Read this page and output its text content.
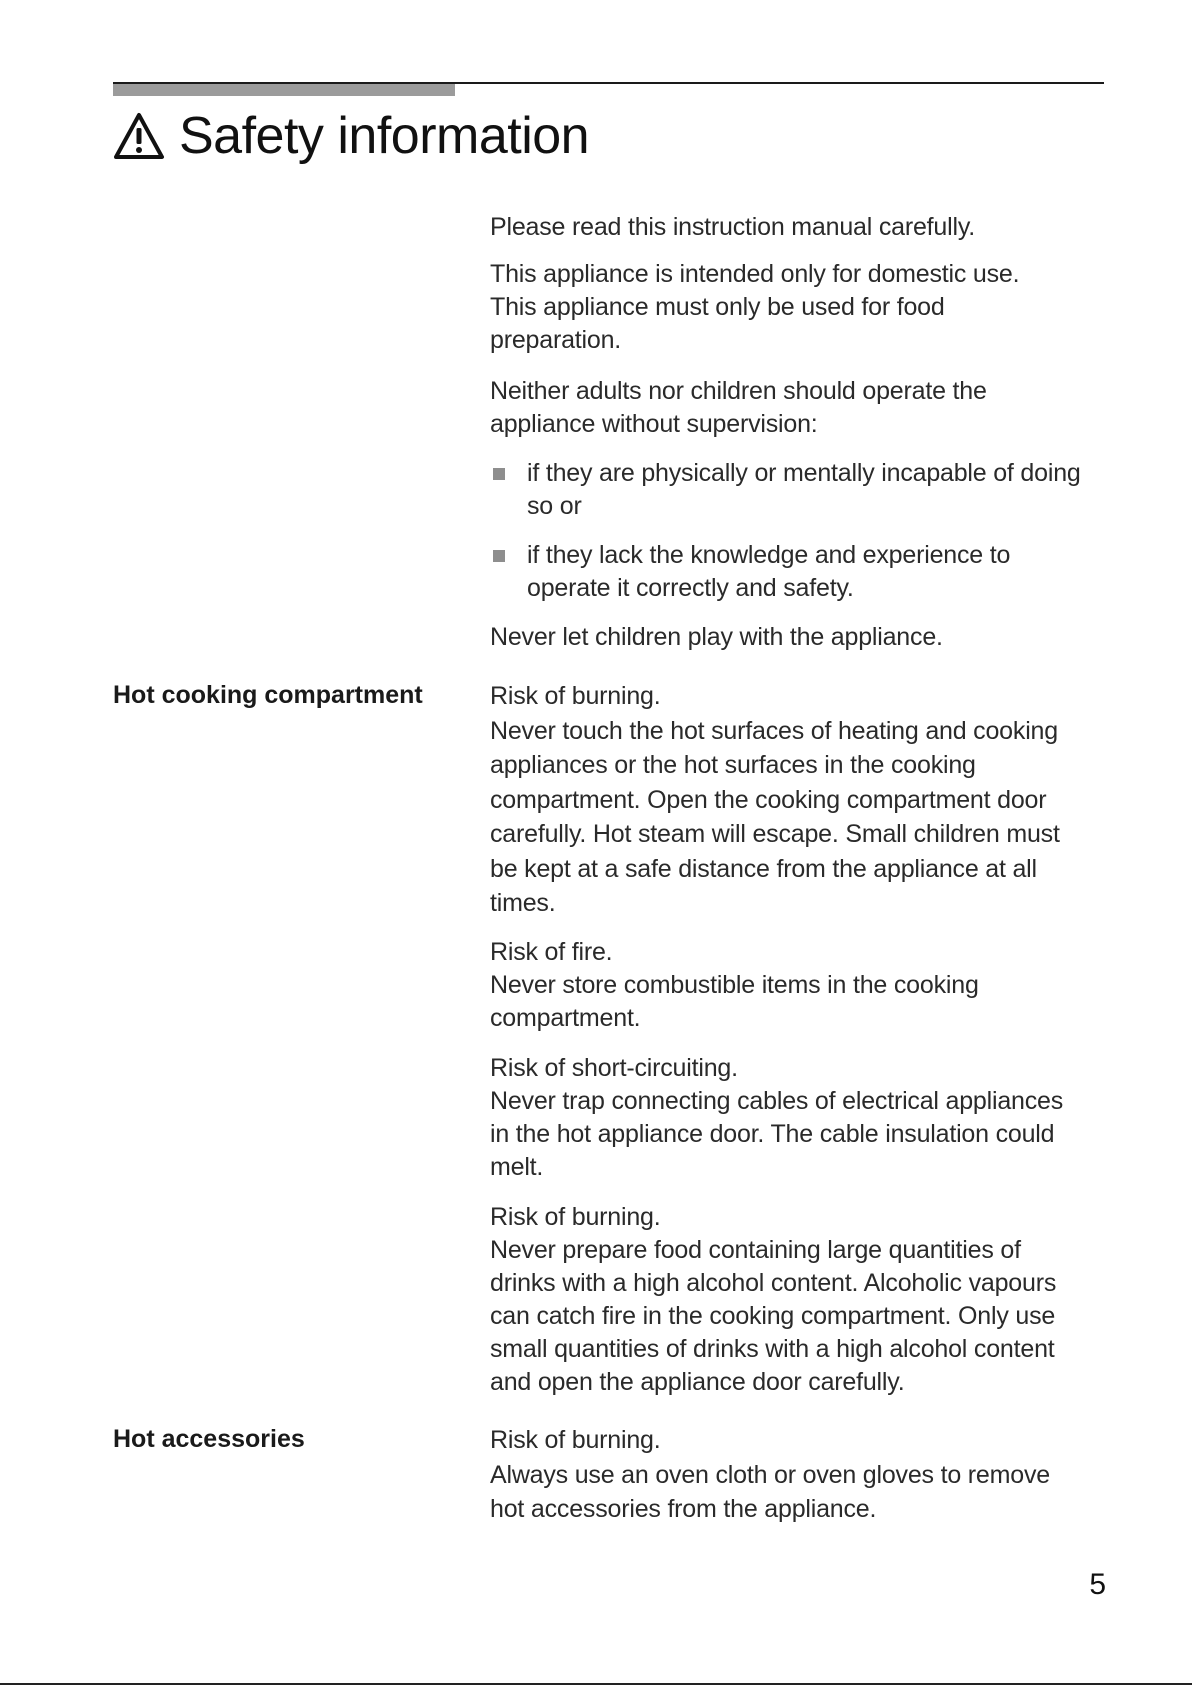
Safety information

Please read this instruction manual carefully.

This appliance is intended only for domestic use.
This appliance must only be used for food
preparation.

Neither adults nor children should operate the
appliance without supervision:

if they are physically or mentally incapable of doing
so or

if they lack the knowledge and experience to
operate it correctly and safety.

Never let children play with the appliance.

Hot cooking compartment	Risk of burning.
Never touch the hot surfaces of heating and cooking
appliances or the hot surfaces in the cooking
compartment. Open the cooking compartment door
carefully. Hot steam will escape. Small children must
be kept at a safe distance from the appliance at all
times.

Risk of fire.
Never store combustible items in the cooking
compartment.

Risk of short-circuiting.
Never trap connecting cables of electrical appliances
in the hot appliance door. The cable insulation could
melt.

Risk of burning.
Never prepare food containing large quantities of
drinks with a high alcohol content. Alcoholic vapours
can catch fire in the cooking compartment. Only use
small quantities of drinks with a high alcohol content
and open the appliance door carefully.

Hot accessories	Risk of burning.
Always use an oven cloth or oven gloves to remove
hot accessories from the appliance.

5
